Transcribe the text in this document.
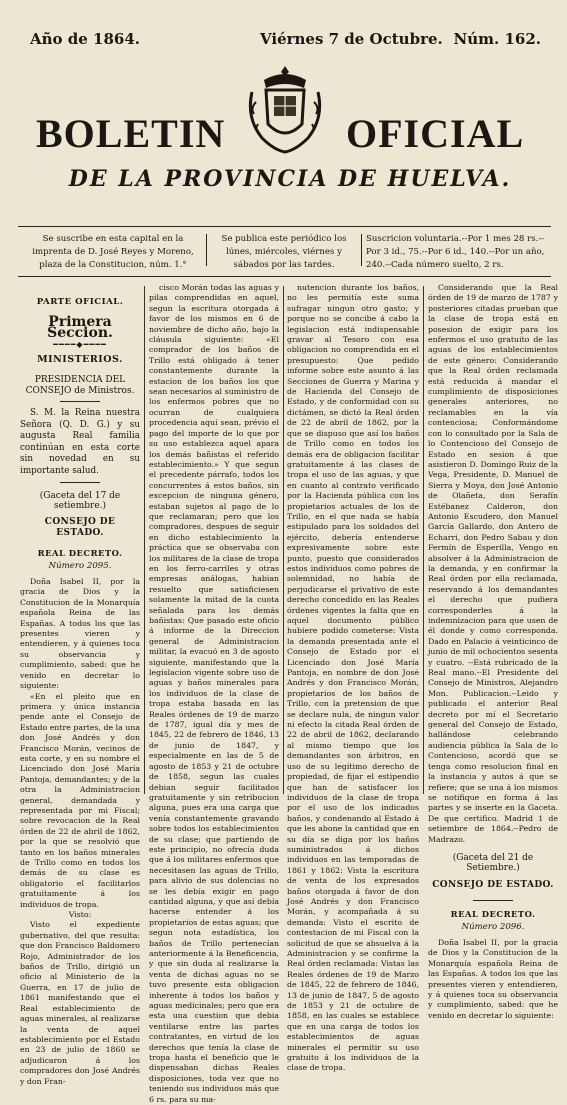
Año de 1864.	Viérnes 7 de Octubre. Núm. 162.
BOLETIN	OFICIAL
DE LA PROVINCIA DE HUELVA.
Se suscribe en esta capital en la imprenta de D. José Reyes y Moreno, plaza de la Constitucion, núm. 1.°
Se publica este periódico los lúnes, miércoles, viérnes y sábados por las tardes.
Suscricion voluntaria.--Por 1 mes 28 rs.--Por 3 id., 75.--Por 6 id., 140.--Por un año, 240.--Cada número suelto, 2 rs.
PARTE OFICIAL.
Primera Seccion.
━━━━◆━━━━
MINISTERIOS.
PRESIDENCIA DEL CONSEJO de Ministros.

S. M. la Reina nuestra Señora (Q. D. G.) y su augusta Real familia continúan en esta corte sin novedad en su importante salud.

(Gaceta del 17 de setiembre.)
CONSEJO DE ESTADO.
REAL DECRETO.
Número 2095.

Doña Isabel II, por la gracia de Dios y la Constitucion de la Monarquía española Reina de las Españas. A todos los que las presentes vieren y entendieren, y á quienes toca su observancia y cumplimiento, sabed: que he venido en decretar lo siguiente:

«En el pleito que en primera y única instancia pende ante el Consejo de Estado entre partes, de la una don José Andrés y don Francisco Morán, vecinos de esta corte, y en su nombre el Licenciado don José María Pantoja, demandantes; y de la otra la Administracion general, demandada y representada por mi Fiscal; sobre revocacion de la Real órden de 22 de abril de 1862, por la que se resolvió que tanto en los baños minerales de Trillo como en todos los demás de su clase es obligatorio el facilitarlos gratuitamente á los individuos de tropa.

Visto:

Visto el expediente gubernativo, del que resulta: que don Francisco Baldomero Rojo, Administrador de los baños de Trillo, dirigió un oficio al Ministerio de la Guerra, en 17 de julio de 1861 manifestando que el Real establecimiento de aguas minerales, al realizarse la venta de aquel establecimiento por el Estado en 23 de julio de 1860 se adjudicaron á los compradores don José Andrés y don Fran-

cisco Morán todas las aguas y pilas comprendidas en aquel, segun la escritura otorgada á favor de los mismos en 6 de noviembre de dicho año, bajo la cláusula siguiente: «El comprador de los baños de Trillo está obligado á tener constantemente durante la estacion de los baños los que sean necesarios al suministro de los enfermos pobres que no ocurran de cualquiera procedencia aquí sean, prévio el pago del importe de lo que por su uso establezca aquel apara los demás bañistas el referido establecimiento.» Y que segun el precedente párrafo, todos los concurrentes á estos baños, sin excepcion de ninguna género, estaban sujetos al pago de lo que reclamaran; pero que los compradores, despues de seguir en dicho establecimiento la práctica que se observaba con los militares de la clase de tropa en los ferro-carriles y otras empresas análogas, habian resuelto que satisficiesen solamente la mitad de la cuota señalada para los demás bañistas: Que pasado este oficio á informe de la Direccion general de Administracion militar, la evacuó en 3 de agosto siguiente, manifestando que la legislacion vigente sobre uso de aguas y baños minerales para los individuos de la clase de tropa estaba basada en las Reales órdenes de 19 de marzo de 1787, igual día y mes de 1845, 22 de febrero de 1846, 13 de junio de 1847, y especialmente en las de 5 de agosto de 1853 y 21 de octubre de 1858, segun las cuales debian seguir facilitados gratuitamente y sin retribucion alguna, pues era una carga que venía constantemente gravando sobre todos los establecimientos de su clase; que partiendo de este principio, no ofrecía duda que á los militares enfermos que necesitasen las aguas de Trillo, para alivio de sus dolencias no se les debía exigir en pago cantidad alguna, y que así debía hacerse entender á los propietarios de estas aguas; que segun nota estadística, los baños de Trillo pertenecían anteriormente á la Beneficencia, y que sin duda al realizarse la venta de dichas aguas no se tuvo presente esta obligacion inherente á todos los baños y aguas medicinales; pero que era esta una cuestion que debia ventilarse entre las partes contratantes, en virtud de los derechos que tenía la clase de tropa hasta el beneficio que le dispensaban dichas Reales disposiciones, toda vez que no teniendo sus individuos más que 6 rs. para su ma-

nutencion durante los baños, no les permitía este suma sufragar ningun otro gasto; y porque no se concibe á cabo la legislacion está indispensable gravar al Tesoro con esa obligacion no comprendida en el presupuesto: Que pedido informe sobre este asunto á las Secciones de Guerra y Marina y de Hacienda del Consejo de Estado, y de conformidad con su dictámen, se dictó la Real órden de 22 de abril de 1862, por la que se dispuso que así los baños de Trillo como en todos los demás era de obligacion facilitar gratuitamente á las clases de tropa el uso de las aguas, y que en cuanto al contrato verificado por la Hacienda pública con los propietarios actuales de los de Trillo, en el que nada se había estipulado para los soldados del ejército, debería entenderse expresivamente sobre este punto, puesto que considerados estos individuos como pobres de solemnidad, no había de perjudicarse el privativo de este derecho concedido en las Reales órdenes vigentes la falta que en aquel documento público hubiere podido cometerse: Vista la demanda presentada ante el Consejo de Estado por el Licenciado don José María Pantoja, en nombre de don José Andrés y don Francisco Morán, propietarios de los baños de Trillo, con la pretension de que se declare nula, de ningun valor ni efecto la citada Real órden de 22 de abril de 1862, declarando al mismo tiempo que los demandantes son árbitros, en uso de su legítimo derecho de propiedad, de fijar el estipendio que han de satisfacer los individuos de la clase de tropa por el uso de los indicados baños, y condenando al Estado á que les abone la cantidad que en su día se diga por los baños suministrados á dichos individuos en las temporadas de 1861 y 1862: Vista la escritura de venta de los expresados baños otorgada á favor de don José Andrés y don Francisco Morán, y acompañada á su demanda: Visto el escrito de contestacion de mi Fiscal con la solicitud de que se absuelva á la Administracion y se confirme la Real órden reclamada: Vistas las Reales órdenes de 19 de Marzo de 1845, 22 de febrero de 1846, 13 de junio de 1847, 5 de agosto de 1853 y 21 de octubre de 1858, en las cuales se establece que en una carga de todos los establecimientos de aguas minerales el permitir su uso gratuito á los individuos de la clase de tropa.

Considerando que la Real órden de 19 de marzo de 1787 y posteriores citadas prueban que la clase de tropa está en posesion de exigir para los enfermos el uso gratuito de las aguas de los establecimientos de este género: Considerando que la Real órden reclamada está reducida á mandar el cumplimiento de disposiciones generales anteriores, no reclamables en la vía contenciosa; Conformándome con lo consultado por la Sala de lo Contencioso del Consejo de Estado en sesion á que asistieron D. Domingo Ruiz de la Vega, Presidente, D. Manuel de Sierra y Moya, don José Antonio de Olañeta, don Serafín Estébanez Calderon, don Antonio Escudero, don Manuel García Gallardo, don Antero de Echarri, don Pedro Sabau y don Fermín de Esperilla, Vengo en absolver á la Administracion de la demanda, y en confirmar la Real órden por ella reclamada, reservando á los demandantes el derecho que pudiera corresponderles á la indemnizacion para que usen de él donde y como corresponda. Dado en Palacio á veinticinco de junio de mil ochocientos sesenta y cuatro. --Está rubricado de la Real mano.--El Presidente del Consejo de Ministros, Alejandro Mon. Publicacion.--Leido y publicado el anterior Real decreto por mí el Secretario general del Consejo de Estado, hallándose celebrando audiencia pública la Sala de lo Contencioso, acordó que se tenga como resolucion final en la instancia y autos á que se refiere; que se una á los mismos se notifique en forma á las partes y se inserte en la Gaceta. De que certifico. Madrid 1 de setiembre de 1864.--Pedro de Madrazo.

(Gaceta del 21 de Setiembre.)
CONSEJO DE ESTADO.
REAL DECRETO.
Número 2096.

Doña Isabel II, por la gracia de Dios y la Constitucion de la Monarquía española Reina de las Españas. A todos los que las presentes vieren y entendieren, y á quienes toca su observancia y cumplimiento, sabed: que he venido en decretar lo siguiente:
